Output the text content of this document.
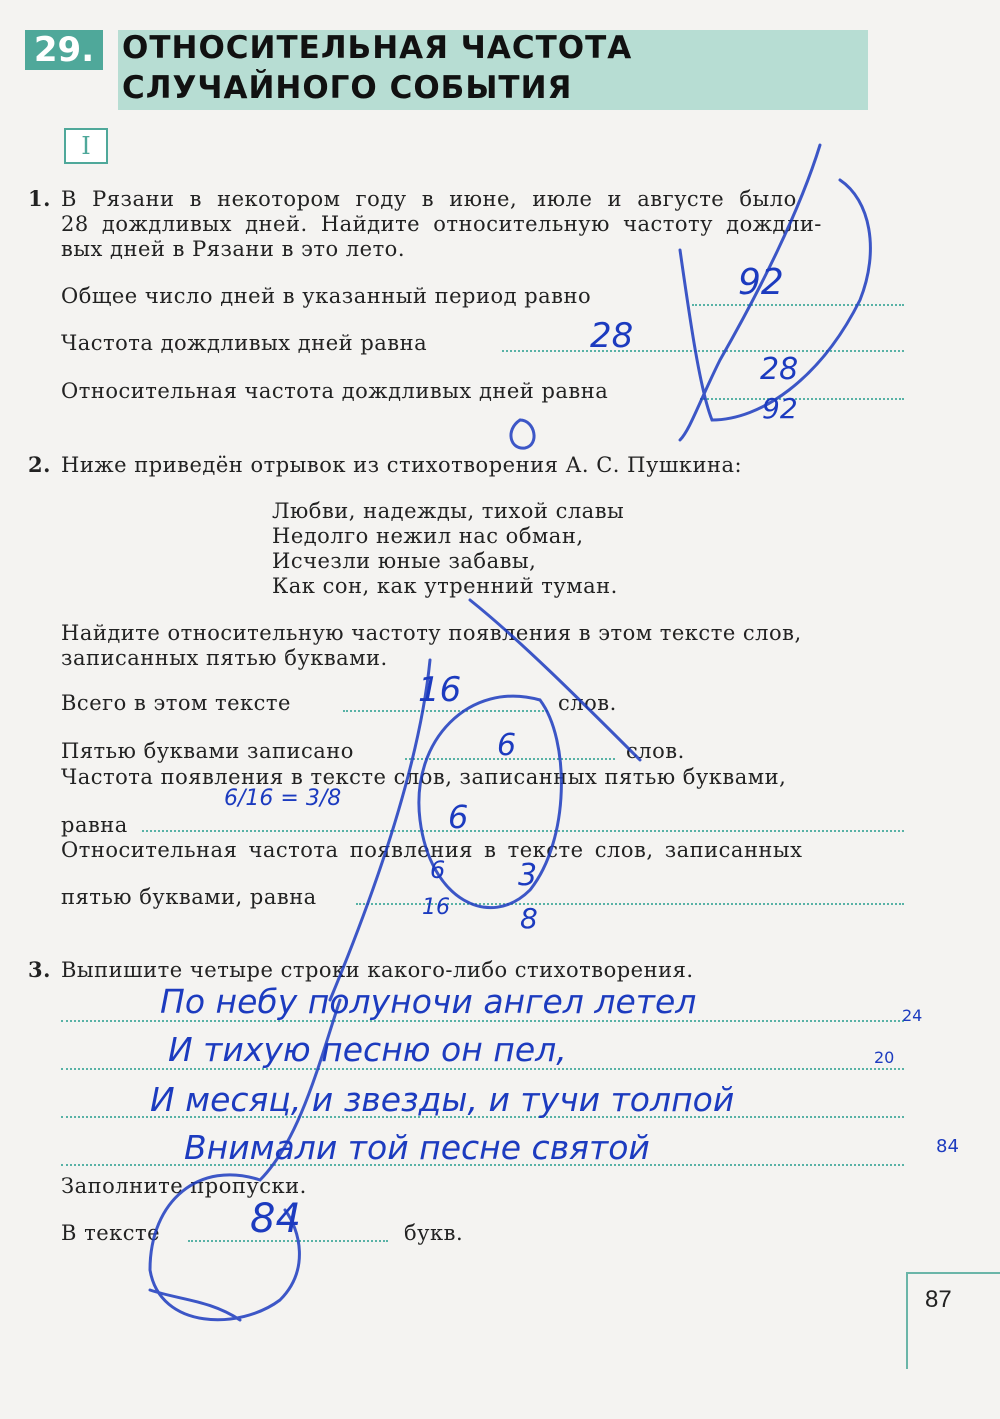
29. ОТНОСИТЕЛЬНАЯ ЧАСТОТА
СЛУЧАЙНОГО СОБЫТИЯ
I
1. В Рязани в некотором году в июне, июле и августе было
28 дождливых дней. Найдите относительную частоту дождли-
вых дней в Рязани в это лето.
Общее число дней в указанный период равно	92
Частота дождливых дней равна	28
Относительная частота дождливых дней равна
28
92
2. Ниже приведён отрывок из стихотворения А. С. Пушкина:
Любви, надежды, тихой славы
Недолго нежил нас обман,
Исчезли юные забавы,
Как сон, как утренний туман.
Найдите относительную частоту появления в этом тексте слов,
записанных пятью буквами.
Всего в этом тексте	16	слов.
Пятью буквами записано	6	слов.
Частота появления в тексте слов, записанных пятью буквами,
равна
6/16 = 3/8	6
Относительная частота появления в тексте слов, записанных
пятью буквами, равна
6
16
3
8
3. Выпишите четыре строки какого-либо стихотворения.
По небу полуночи ангел летел
И тихую песню он пел,
И месяц, и звезды, и тучи толпой
Внимали той песне святой
24
20
84
Заполните пропуски.
В тексте 84	букв.
87
